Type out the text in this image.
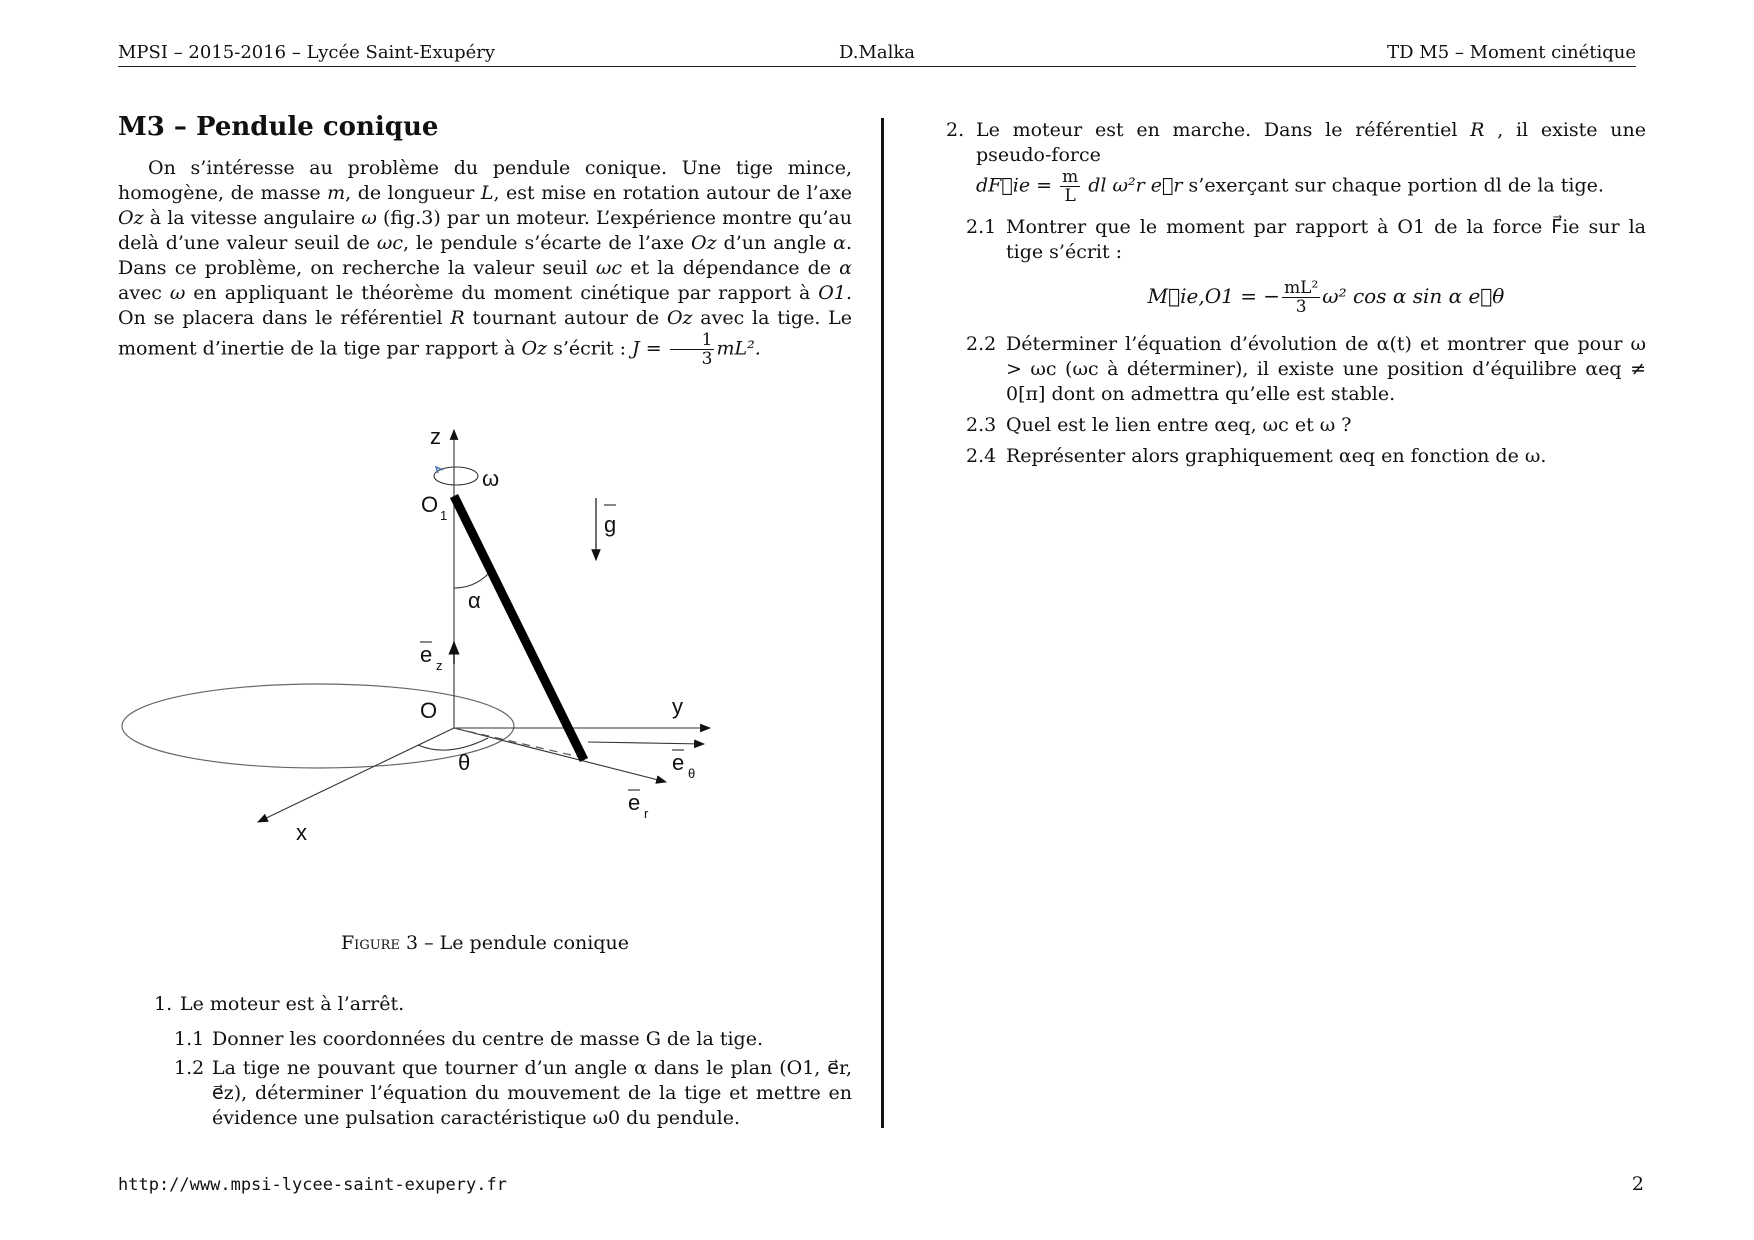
MPSI – 2015-2016 – Lycée Saint-Exupéry	D.Malka	TD M5 – Moment cinétique
M3 – Pendule conique

On s’intéresse au problème du pendule conique. Une tige mince, homogène, de masse m, de longueur L, est mise en rotation autour de l’axe Oz à la vitesse angulaire ω (fig.3) par un moteur. L’expérience montre qu’au delà d’une valeur seuil de ωc, le pendule s’écarte de l’axe Oz d’un angle α. Dans ce problème, on recherche la valeur seuil ωc et la dépendance de α avec ω en appliquant le théorème du moment cinétique par rapport à O1. On se placera dans le référentiel R tournant autour de Oz avec la tige. Le moment d’inertie de la tige par rapport à Oz s’écrit : $J = \frac{1}{3} mL^2$.

z
ω
O 1	g
α
e z
O	y
θ	e θ
e r
x
Figure 3 – Le pendule conique
1. Le moteur est à l’arrêt.
1.1 Donner les coordonnées du centre de masse G de la tige.
1.2 La tige ne pouvant que tourner d’un angle α dans le plan (O1, e⃗r, e⃗z), déterminer l’équation du mouvement de la tige et mettre en évidence une pulsation caractéristique ω0 du pendule.
2. Le moteur est en marche. Dans le référentiel R , il existe une pseudo-force
dF⃗ie = $\frac{m}{L}$ dl ω²r e⃗r s’exerçant sur chaque portion dl de la tige.
2.1 Montrer que le moment par rapport à O1 de la force F⃗ie sur la tige s’écrit :
M⃗ie,O1 = − $\frac{\text{mL²}}{3} \omega^2$ cos α sin α e⃗θ
2.2 Déterminer l’équation d’évolution de α(t) et montrer que pour ω > ωc (ωc à déterminer), il existe une position d’équilibre αeq ≠ 0[π] dont on admettra qu’elle est stable.
2.3 Quel est le lien entre αeq, ωc et ω ?
2.4 Représenter alors graphiquement αeq en fonction de ω.
http://www.mpsi-lycee-saint-exupery.fr	2
